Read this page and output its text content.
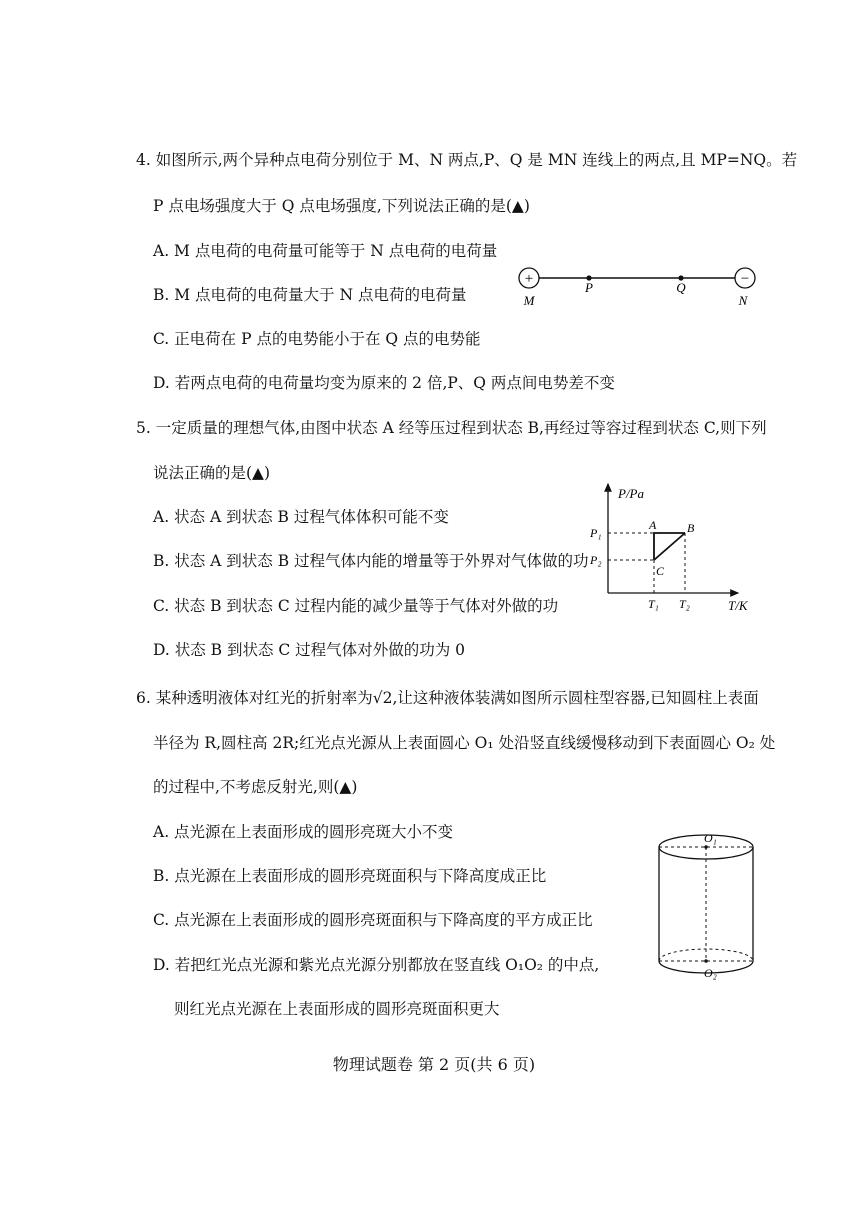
4. 如图所示,两个异种点电荷分别位于 M、N 两点,P、Q 是 MN 连线上的两点,且 MP=NQ。若
P 点电场强度大于 Q 点电场强度,下列说法正确的是(▲)
A. M 点电荷的电荷量可能等于 N 点电荷的电荷量
B. M 点电荷的电荷量大于 N 点电荷的电荷量
C. 正电荷在 P 点的电势能小于在 Q 点的电势能
D. 若两点电荷的电荷量均变为原来的 2 倍,P、Q 两点间电势差不变
+	−
M
P	Q
N
5. 一定质量的理想气体,由图中状态 A 经等压过程到状态 B,再经过等容过程到状态 C,则下列
说法正确的是(▲)
A. 状态 A 到状态 B 过程气体体积可能不变
B. 状态 A 到状态 B 过程气体内能的增量等于外界对气体做的功
C. 状态 B 到状态 C 过程内能的减少量等于气体对外做的功
D. 状态 B 到状态 C 过程气体对外做的功为 0
P/Pa
T/K
P₁
P₂
T₁ T₂
A	B
C
6. 某种透明液体对红光的折射率为√2,让这种液体装满如图所示圆柱型容器,已知圆柱上表面
半径为 R,圆柱高 2R;红光点光源从上表面圆心 O₁ 处沿竖直线缓慢移动到下表面圆心 O₂ 处
的过程中,不考虑反射光,则(▲)
A. 点光源在上表面形成的圆形亮斑大小不变
B. 点光源在上表面形成的圆形亮斑面积与下降高度成正比
C. 点光源在上表面形成的圆形亮斑面积与下降高度的平方成正比
D. 若把红光点光源和紫光点光源分别都放在竖直线 O₁O₂ 的中点,
则红光点光源在上表面形成的圆形亮斑面积更大
O₁
O₂
物理试题卷 第 2 页(共 6 页)
